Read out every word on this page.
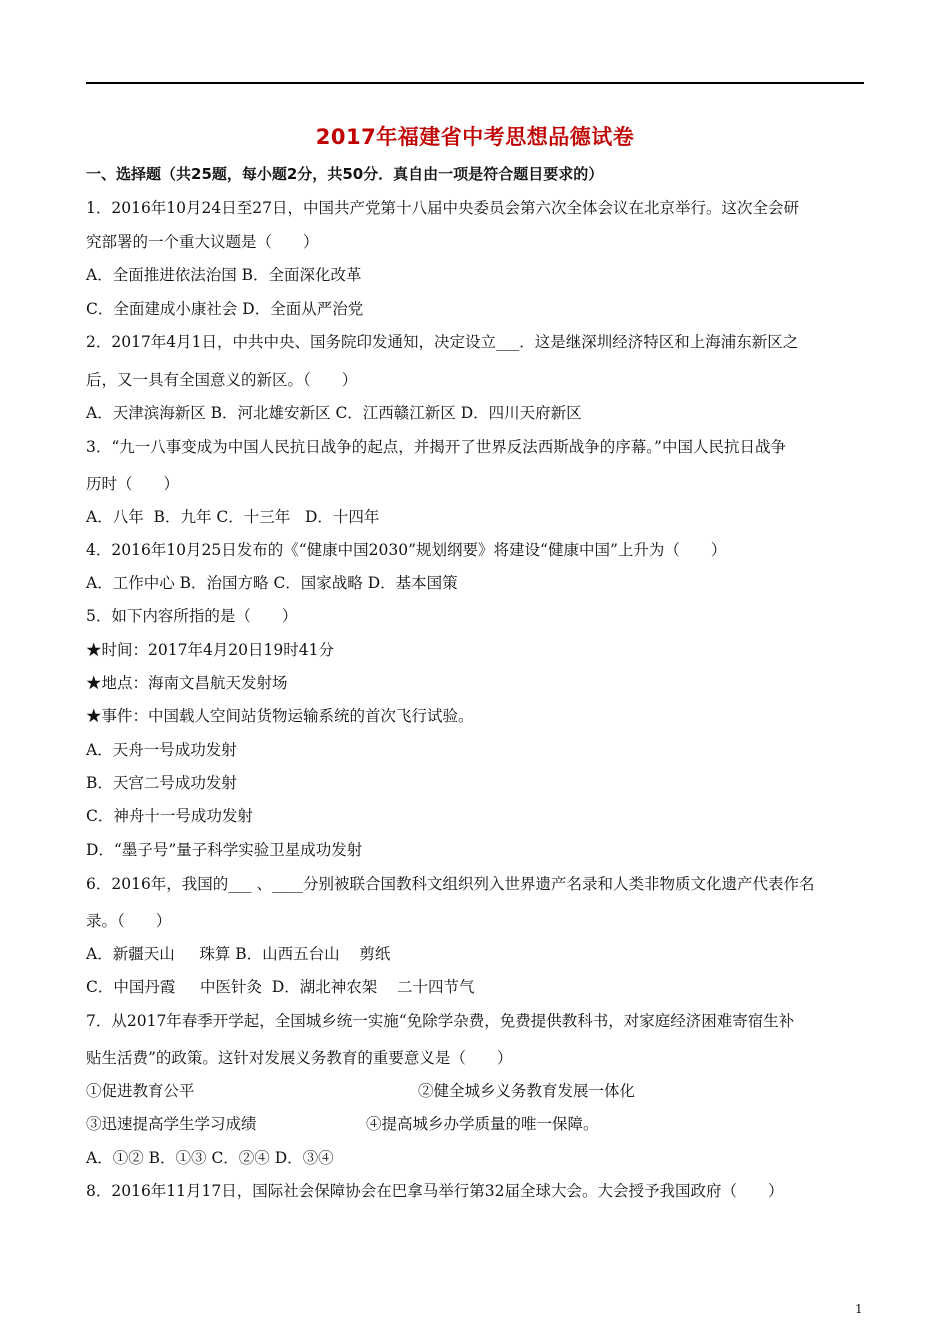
2017年福建省中考思想品德试卷
一、选择题（共25题，每小题2分，共50分．真自由一项是符合题目要求的）
1．2016年10月24日至27日，中国共产党第十八届中央委员会第六次全体会议在北京举行。这次全会研
究部署的一个重大议题是（　　）
A．全面推进依法治国 B．全面深化改革
C．全面建成小康社会 D．全面从严治党
2．2017年4月1日，中共中央、国务院印发通知，决定设立___．这是继深圳经济特区和上海浦东新区之
后，又一具有全国意义的新区。（　　）
A．天津滨海新区 B．河北雄安新区 C．江西赣江新区 D．四川天府新区
3．“九一八事变成为中国人民抗日战争的起点，并揭开了世界反法西斯战争的序幕。”中国人民抗日战争
历时（　　）
A．八年  B．九年 C．十三年   D．十四年
4．2016年10月25日发布的《“健康中国2030”规划纲要》将建设“健康中国”上升为（　　）
A．工作中心 B．治国方略 C．国家战略 D．基本国策
5．如下内容所指的是（　　）
★时间：2017年4月20日19时41分
★地点：海南文昌航天发射场
★事件：中国载人空间站货物运输系统的首次飞行试验。
A．天舟一号成功发射
B．天宫二号成功发射
C．神舟十一号成功发射
D．“墨子号”量子科学实验卫星成功发射
6．2016年，我国的___ 、____分别被联合国教科文组织列入世界遗产名录和人类非物质文化遗产代表作名
录。（　　）
A．新疆天山     珠算 B．山西五台山    剪纸
C．中国丹霞     中医针灸  D．湖北神农架    二十四节气
7．从2017年春季开学起，全国城乡统一实施“免除学杂费，免费提供教科书，对家庭经济困难寄宿生补
贴生活费”的政策。这针对发展义务教育的重要意义是（　　）
①促进教育公平	②健全城乡义务教育发展一体化
③迅速提高学生学习成绩	④提高城乡办学质量的唯一保障。
A．①② B．①③ C．②④ D．③④
8．2016年11月17日，国际社会保障协会在巴拿马举行第32届全球大会。大会授予我国政府（　　）
1
